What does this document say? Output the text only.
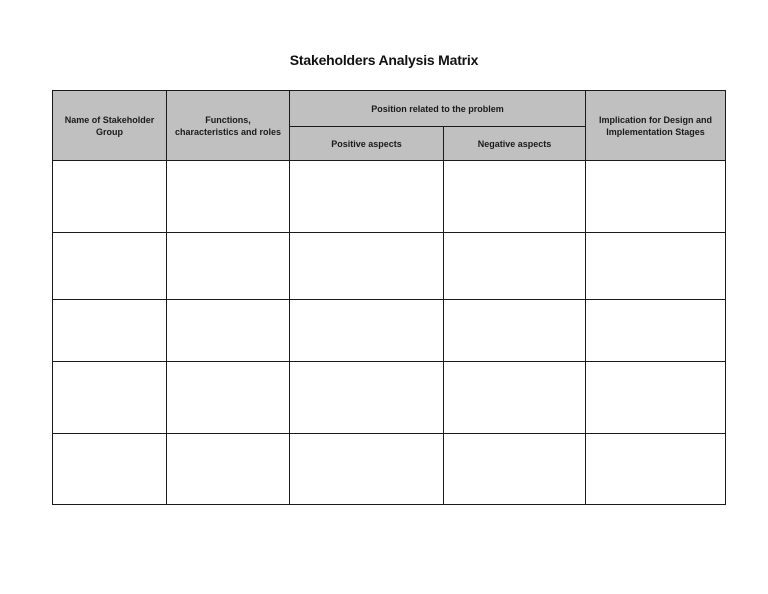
Stakeholders Analysis Matrix
Name of Stakeholder Group	Functions, characteristics and roles	Position related to the problem		Implication for Design and Implementation Stages
		Positive aspects	Negative aspects	
